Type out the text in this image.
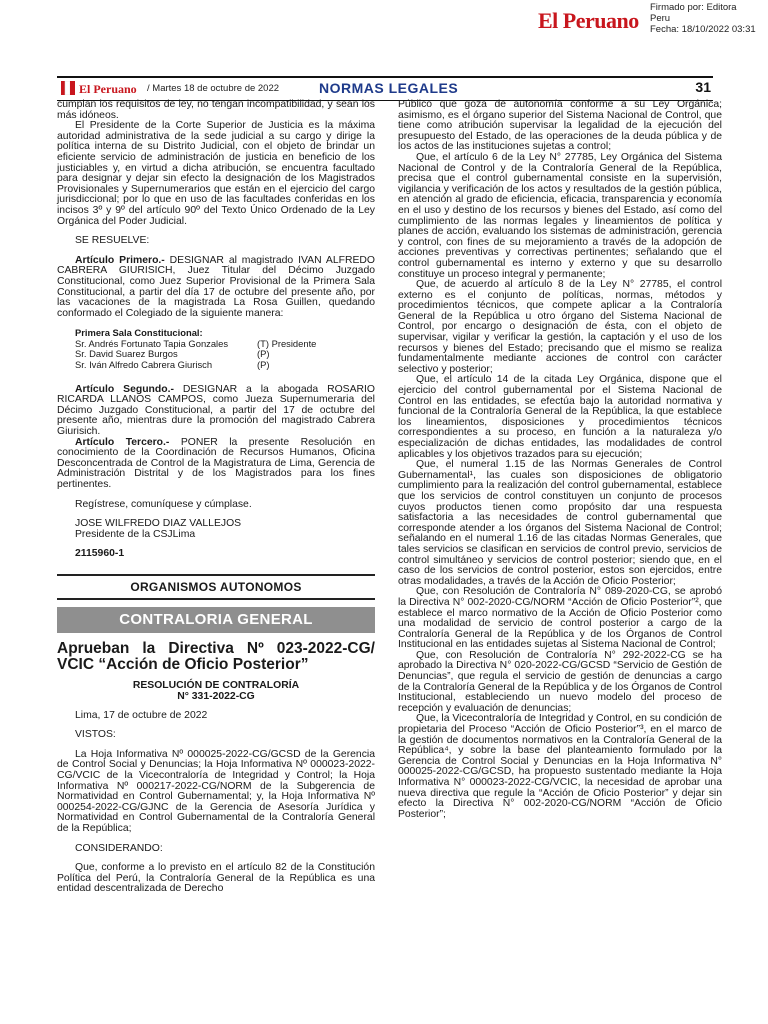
El Peruano
Firmado por: Editora
Peru
Fecha: 18/10/2022 03:31
El Peruano / Martes 18 de octubre de 2022	NORMAS LEGALES	31

cumplan los requisitos de ley, no tengan incompatibilidad, y sean los más idóneos.

El Presidente de la Corte Superior de Justicia es la máxima autoridad administrativa de la sede judicial a su cargo y dirige la política interna de su Distrito Judicial, con el objeto de brindar un eficiente servicio de administración de justicia en beneficio de los justiciables y, en virtud a dicha atribución, se encuentra facultado para designar y dejar sin efecto la designación de los Magistrados Provisionales y Supernumerarios que están en el ejercicio del cargo jurisdiccional; por lo que en uso de las facultades conferidas en los incisos 3º y 9º del artículo 90º del Texto Único Ordenado de la Ley Orgánica del Poder Judicial.

SE RESUELVE:

Artículo Primero.- DESIGNAR al magistrado IVAN ALFREDO CABRERA GIURISICH, Juez Titular del Décimo Juzgado Constitucional, como Juez Superior Provisional de la Primera Sala Constitucional, a partir del día 17 de octubre del presente año, por las vacaciones de la magistrada La Rosa Guillen, quedando conformado el Colegiado de la siguiente manera:

Primera Sala Constitucional:
Sr. Andrés Fortunato Tapia Gonzales	(T) Presidente
Sr. David Suarez Burgos	(P)
Sr. Iván Alfredo Cabrera Giurisch	(P)

Artículo Segundo.- DESIGNAR a la abogada ROSARIO RICARDA LLANOS CAMPOS, como Jueza Supernumeraria del Décimo Juzgado Constitucional, a partir del 17 de octubre del presente año, mientras dure la promoción del magistrado Cabrera Giurisich.

Artículo Tercero.- PONER la presente Resolución en conocimiento de la Coordinación de Recursos Humanos, Oficina Desconcentrada de Control de la Magistratura de Lima, Gerencia de Administración Distrital y de los Magistrados para los fines pertinentes.

Regístrese, comuníquese y cúmplase.

JOSE WILFREDO DIAZ VALLEJOS

Presidente de la CSJLima

2115960-1

ORGANISMOS AUTONOMOS
CONTRALORIA GENERAL
Aprueban la Directiva Nº 023-2022-CG/ VCIC “Acción de Oficio Posterior”
RESOLUCIÓN DE CONTRALORÍA
N° 331-2022-CG

Lima, 17 de octubre de 2022

VISTOS:

La Hoja Informativa Nº 000025-2022-CG/GCSD de la Gerencia de Control Social y Denuncias; la Hoja Informativa Nº 000023-2022-CG/VCIC de la Vicecontraloría de Integridad y Control; la Hoja Informativa Nº 000217-2022-CG/NORM de la Subgerencia de Normatividad en Control Gubernamental; y, la Hoja Informativa Nº 000254-2022-CG/GJNC de la Gerencia de Asesoría Jurídica y Normatividad en Control Gubernamental de la Contraloría General de la República;

CONSIDERANDO:

Que, conforme a lo previsto en el artículo 82 de la Constitución Política del Perú, la Contraloría General de la República es una entidad descentralizada de Derecho

Público que goza de autonomía conforme a su Ley Orgánica; asimismo, es el órgano superior del Sistema Nacional de Control, que tiene como atribución supervisar la legalidad de la ejecución del presupuesto del Estado, de las operaciones de la deuda pública y de los actos de las instituciones sujetas a control;

Que, el artículo 6 de la Ley N° 27785, Ley Orgánica del Sistema Nacional de Control y de la Contraloría General de la República, precisa que el control gubernamental consiste en la supervisión, vigilancia y verificación de los actos y resultados de la gestión pública, en atención al grado de eficiencia, eficacia, transparencia y economía en el uso y destino de los recursos y bienes del Estado, así como del cumplimiento de las normas legales y lineamientos de política y planes de acción, evaluando los sistemas de administración, gerencia y control, con fines de su mejoramiento a través de la adopción de acciones preventivas y correctivas pertinentes; señalando que el control gubernamental es interno y externo y que su desarrollo constituye un proceso integral y permanente;

Que, de acuerdo al artículo 8 de la Ley N° 27785, el control externo es el conjunto de políticas, normas, métodos y procedimientos técnicos, que compete aplicar a la Contraloría General de la República u otro órgano del Sistema Nacional de Control, por encargo o designación de ésta, con el objeto de supervisar, vigilar y verificar la gestión, la captación y el uso de los recursos y bienes del Estado; precisando que el mismo se realiza fundamentalmente mediante acciones de control con carácter selectivo y posterior;

Que, el artículo 14 de la citada Ley Orgánica, dispone que el ejercicio del control gubernamental por el Sistema Nacional de Control en las entidades, se efectúa bajo la autoridad normativa y funcional de la Contraloría General de la República, la que establece los lineamientos, disposiciones y procedimientos técnicos correspondientes a su proceso, en función a la naturaleza y/o especialización de dichas entidades, las modalidades de control aplicables y los objetivos trazados para su ejecución;

Que, el numeral 1.15 de las Normas Generales de Control Gubernamental¹, las cuales son disposiciones de obligatorio cumplimiento para la realización del control gubernamental, establece que los servicios de control constituyen un conjunto de procesos cuyos productos tienen como propósito dar una respuesta satisfactoria a las necesidades de control gubernamental que corresponde atender a los órganos del Sistema Nacional de Control; señalando en el numeral 1.16 de las citadas Normas Generales, que tales servicios se clasifican en servicios de control previo, servicios de control simultáneo y servicios de control posterior; siendo que, en el caso de los servicios de control posterior, estos son ejercidos, entre otras modalidades, a través de la Acción de Oficio Posterior;

Que, con Resolución de Contraloría N° 089-2020-CG, se aprobó la Directiva N° 002-2020-CG/NORM “Acción de Oficio Posterior”², que establece el marco normativo de la Acción de Oficio Posterior como una modalidad de servicio de control posterior a cargo de la Contraloría General de la República y de los Órganos de Control Institucional en las entidades sujetas al Sistema Nacional de Control;

Que, con Resolución de Contraloría N° 292-2022-CG se ha aprobado la Directiva N° 020-2022-CG/GCSD “Servicio de Gestión de Denuncias”, que regula el servicio de gestión de denuncias a cargo de la Contraloría General de la República y de los Órganos de Control Institucional, estableciendo un nuevo modelo del proceso de recepción y evaluación de denuncias;

Que, la Vicecontraloría de Integridad y Control, en su condición de propietaria del Proceso “Acción de Oficio Posterior”³, en el marco de la gestión de documentos normativos en la Contraloría General de la República⁴, y sobre la base del planteamiento formulado por la Gerencia de Control Social y Denuncias en la Hoja Informativa N° 000025-2022-CG/GCSD, ha propuesto sustentado mediante la Hoja Informativa N° 000023-2022-CG/VCIC, la necesidad de aprobar una nueva directiva que regule la “Acción de Oficio Posterior” y dejar sin efecto la Directiva N° 002-2020-CG/NORM “Acción de Oficio Posterior”;
